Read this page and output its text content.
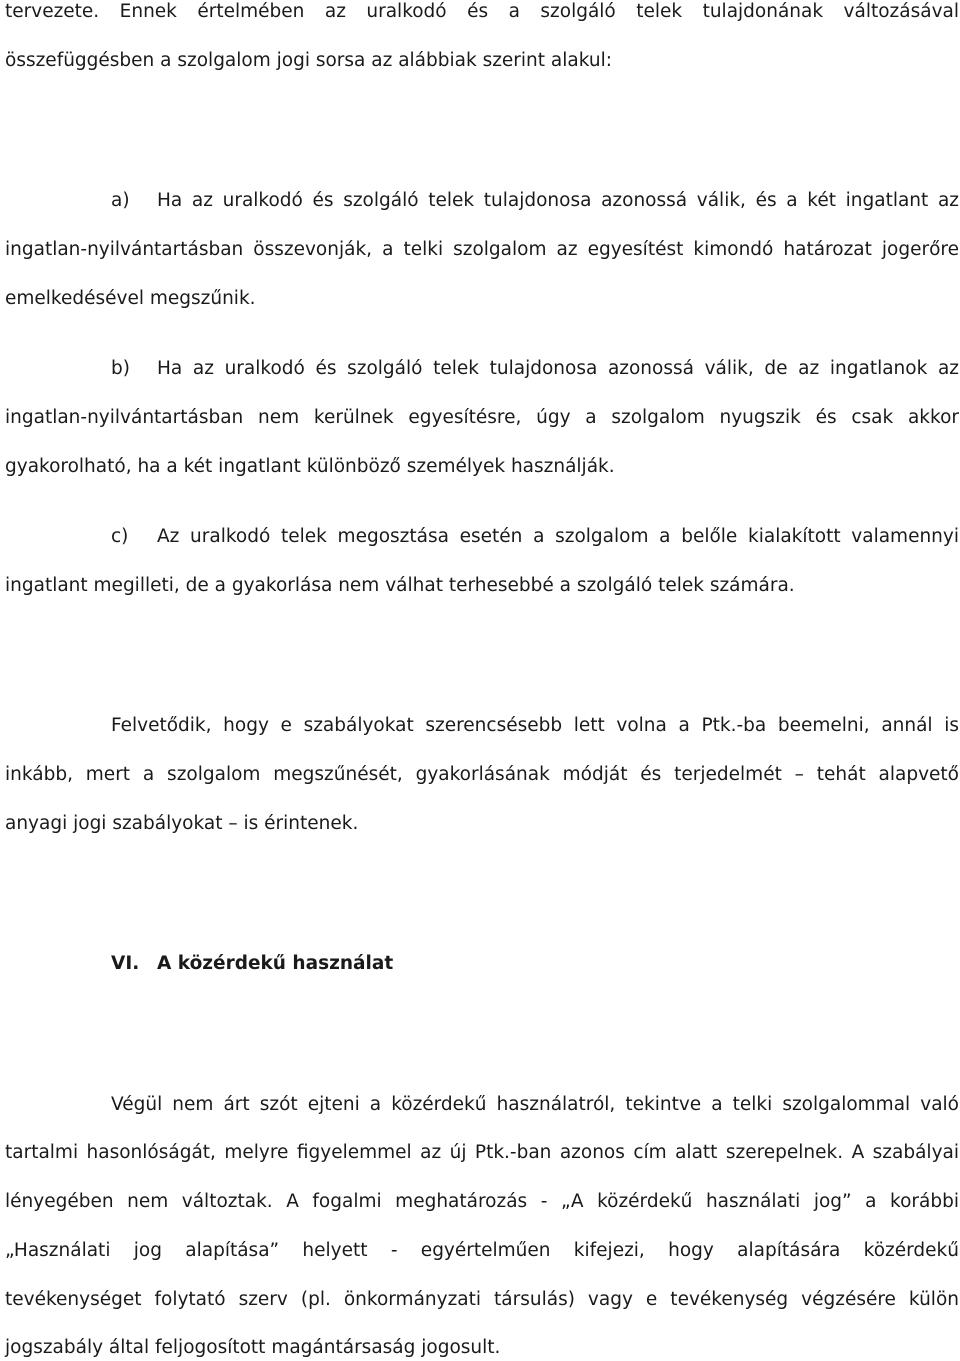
tervezete. Ennek értelmében az uralkodó és a szolgáló telek tulajdonának változásával

összefüggésben a szolgalom jogi sorsa az alábbiak szerint alakul:

a) Ha az uralkodó és szolgáló telek tulajdonosa azonossá válik, és a két ingatlant az

ingatlan-nyilvántartásban összevonják, a telki szolgalom az egyesítést kimondó határozat jogerőre

emelkedésével megszűnik.

b) Ha az uralkodó és szolgáló telek tulajdonosa azonossá válik, de az ingatlanok az

ingatlan-nyilvántartásban nem kerülnek egyesítésre, úgy a szolgalom nyugszik és csak akkor

gyakorolható, ha a két ingatlant különböző személyek használják.

c) Az uralkodó telek megosztása esetén a szolgalom a belőle kialakított valamennyi

ingatlant megilleti, de a gyakorlása nem válhat terhesebbé a szolgáló telek számára.

Felvetődik, hogy e szabályokat szerencsésebb lett volna a Ptk.-ba beemelni, annál is

inkább, mert a szolgalom megszűnését, gyakorlásának módját és terjedelmét – tehát alapvető

anyagi jogi szabályokat – is érintenek.

VI. A közérdekű használat

Végül nem árt szót ejteni a közérdekű használatról, tekintve a telki szolgalommal való

tartalmi hasonlóságát, melyre figyelemmel az új Ptk.-ban azonos cím alatt szerepelnek. A szabályai

lényegében nem változtak. A fogalmi meghatározás - „A közérdekű használati jog” a korábbi

„Használati jog alapítása” helyett - egyértelműen kifejezi, hogy alapítására közérdekű

tevékenységet folytató szerv (pl. önkormányzati társulás) vagy e tevékenység végzésére külön

jogszabály által feljogosított magántársaság jogosult.
